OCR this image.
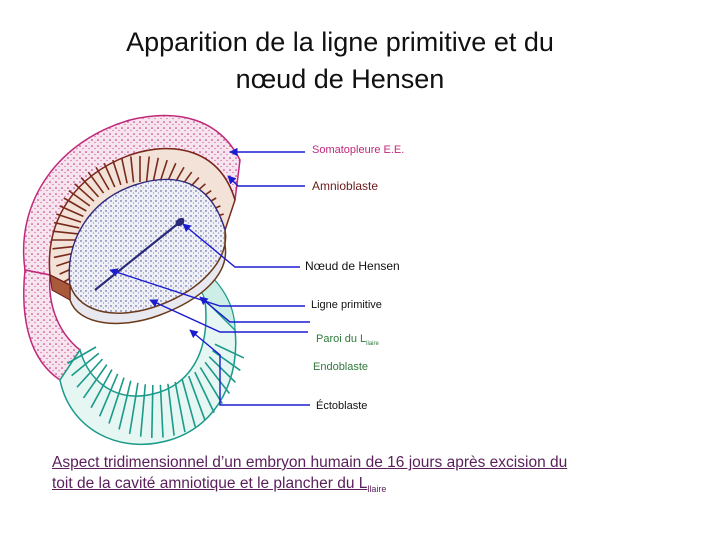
Apparition de la ligne primitive et du
nœud de Hensen
Somatopleure E.E.
Amnioblaste
Nœud de Hensen
Ligne primitive
Paroi du $L_{llaire}$
Endoblaste
Éctoblaste
Aspect tridimensionnel d’un embryon humain de 16 jours après excision du
toit de la cavité amniotique et le plancher du $L_{llaire}$
